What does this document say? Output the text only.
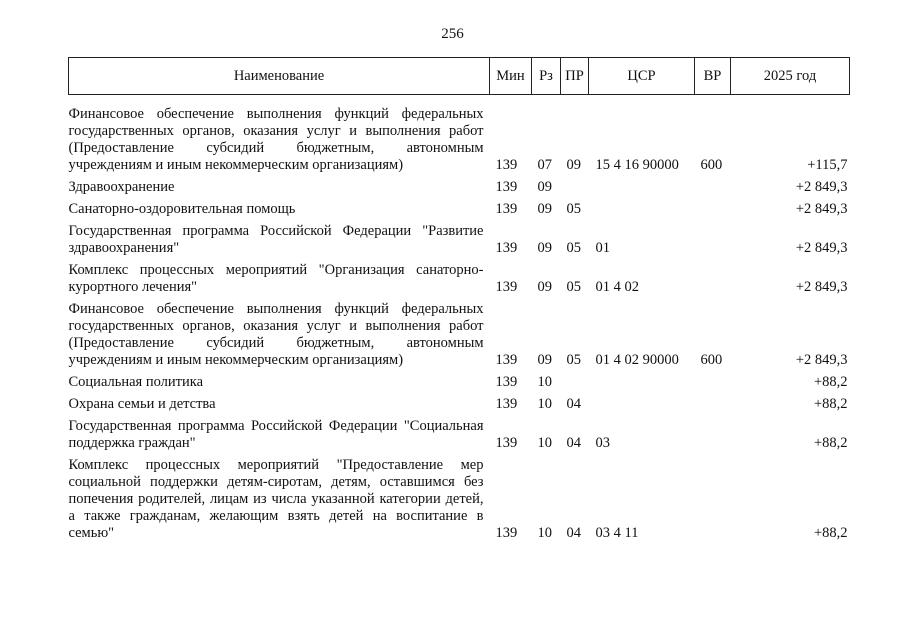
256
Наименование	Мин	Рз	ПР	ЦСР	ВР	2025 год

Финансовое обеспечение выполнения функций федеральных государственных органов, оказания услуг и выполнения работ (Предоставление субсидий бюджетным, автономным учреждениям и иным некоммерческим организациям)	139	07	09	15 4 16 90000	600	+115,7
Здравоохранение	139	09				+2 849,3
Санаторно-оздоровительная помощь	139	09	05			+2 849,3
Государственная программа Российской Федерации "Развитие здравоохранения"	139	09	05	01		+2 849,3
Комплекс процессных мероприятий "Организация санаторно-курортного лечения"	139	09	05	01 4 02		+2 849,3
Финансовое обеспечение выполнения функций федеральных государственных органов, оказания услуг и выполнения работ (Предоставление субсидий бюджетным, автономным учреждениям и иным некоммерческим организациям)	139	09	05	01 4 02 90000	600	+2 849,3
Социальная политика	139	10				+88,2
Охрана семьи и детства	139	10	04			+88,2
Государственная программа Российской Федерации "Социальная поддержка граждан"	139	10	04	03		+88,2
Комплекс процессных мероприятий "Предоставление мер социальной поддержки детям-сиротам, детям, оставшимся без попечения родителей, лицам из числа указанной категории детей, а также гражданам, желающим взять детей на воспитание в семью"	139	10	04	03 4 11		+88,2
